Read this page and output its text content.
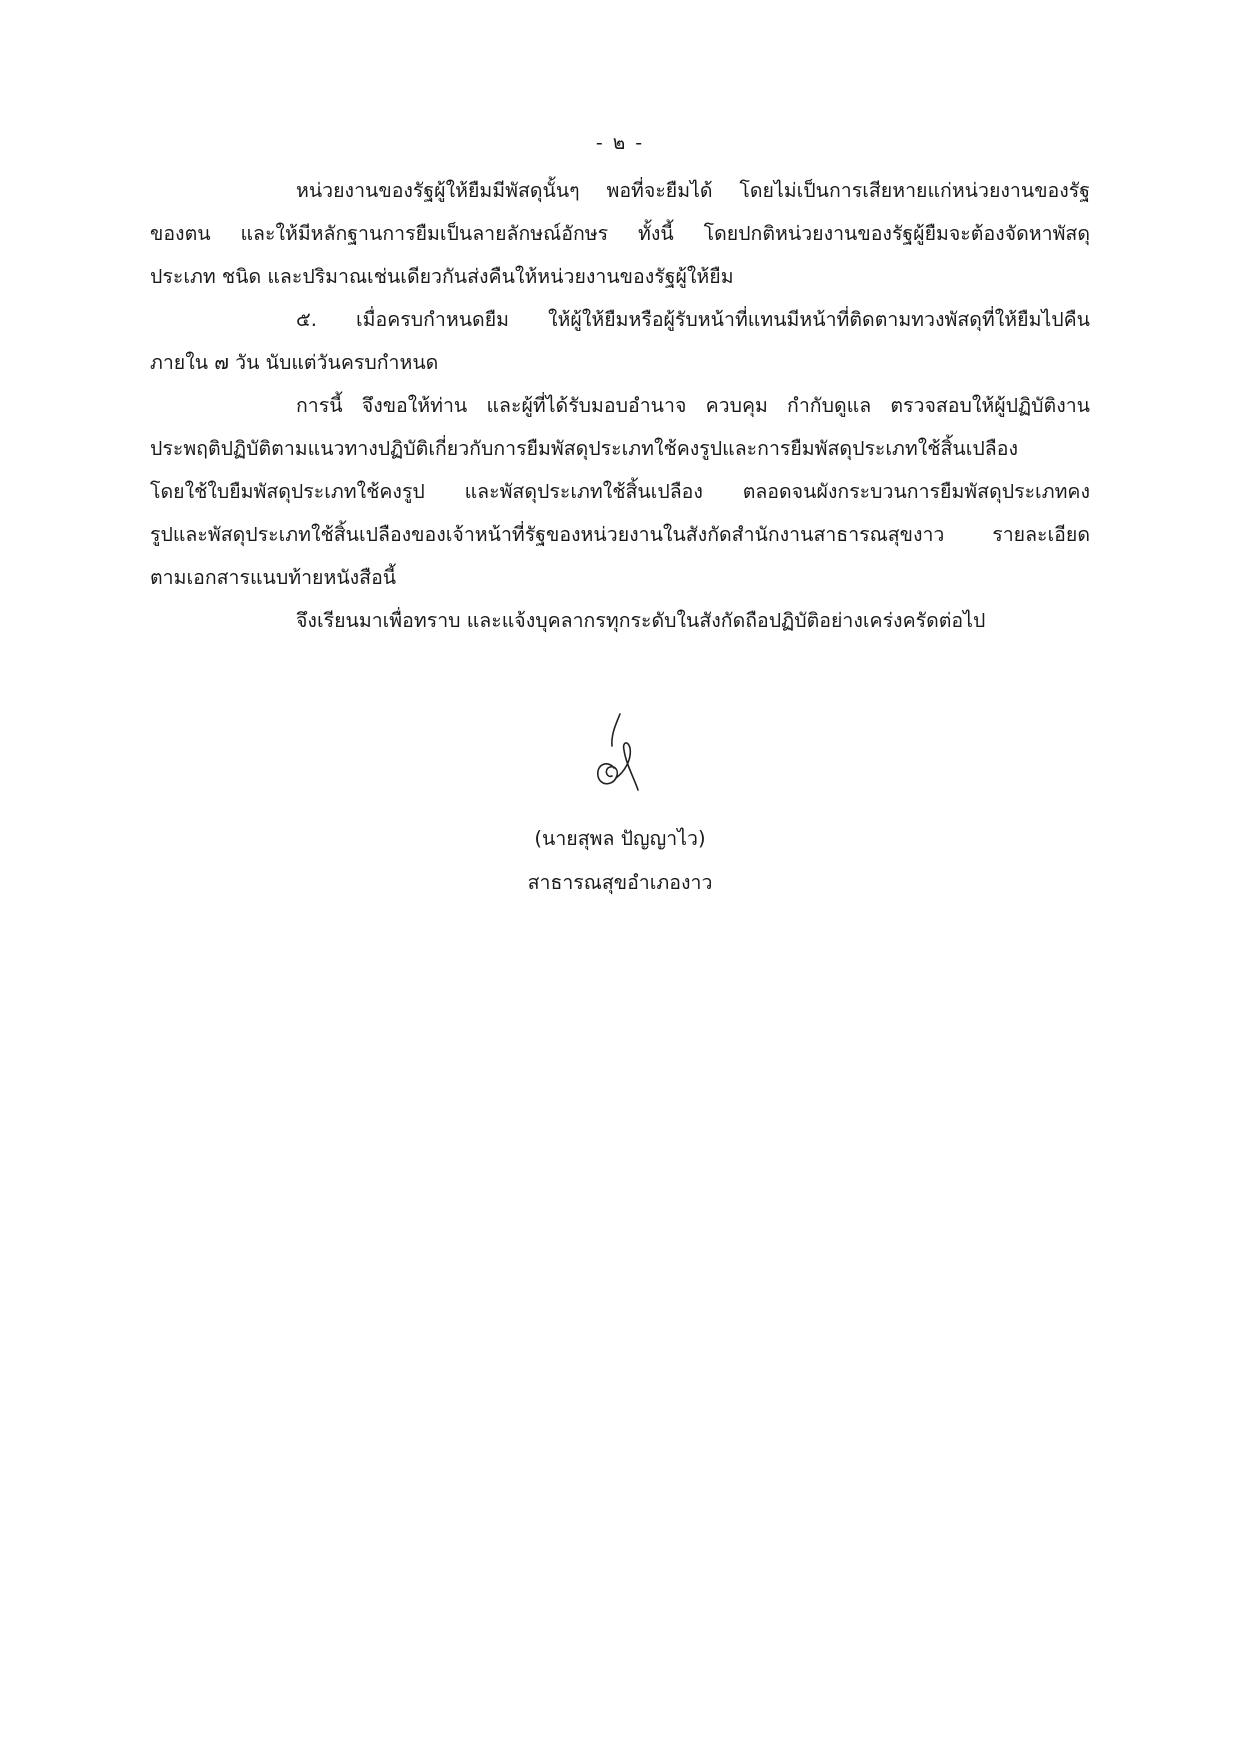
- ๒ -
หน่วยงานของรัฐผู้ให้ยืมมีพัสดุนั้นๆ พอที่จะยืมได้ โดยไม่เป็นการเสียหายแก่หน่วยงานของรัฐ
ของตน และให้มีหลักฐานการยืมเป็นลายลักษณ์อักษร ทั้งนี้ โดยปกติหน่วยงานของรัฐผู้ยืมจะต้องจัดหาพัสดุ
ประเภท ชนิด และปริมาณเช่นเดียวกันส่งคืนให้หน่วยงานของรัฐผู้ให้ยืม
๕. เมื่อครบกำหนดยืม ให้ผู้ให้ยืมหรือผู้รับหน้าที่แทนมีหน้าที่ติดตามทวงพัสดุที่ให้ยืมไปคืน
ภายใน ๗ วัน นับแต่วันครบกำหนด
การนี้ จึงขอให้ท่าน และผู้ที่ได้รับมอบอำนาจ ควบคุม กำกับดูแล ตรวจสอบให้ผู้ปฏิบัติงาน
ประพฤติปฏิบัติตามแนวทางปฏิบัติเกี่ยวกับการยืมพัสดุประเภทใช้คงรูปและการยืมพัสดุประเภทใช้สิ้นเปลือง
โดยใช้ใบยืมพัสดุประเภทใช้คงรูป และพัสดุประเภทใช้สิ้นเปลือง ตลอดจนผังกระบวนการยืมพัสดุประเภทคง
รูปและพัสดุประเภทใช้สิ้นเปลืองของเจ้าหน้าที่รัฐของหน่วยงานในสังกัดสำนักงานสาธารณสุขงาว รายละเอียด
ตามเอกสารแนบท้ายหนังสือนี้
จึงเรียนมาเพื่อทราบ และแจ้งบุคลากรทุกระดับในสังกัดถือปฏิบัติอย่างเคร่งครัดต่อไป
(นายสุพล ปัญญาไว)
สาธารณสุขอำเภองาว
